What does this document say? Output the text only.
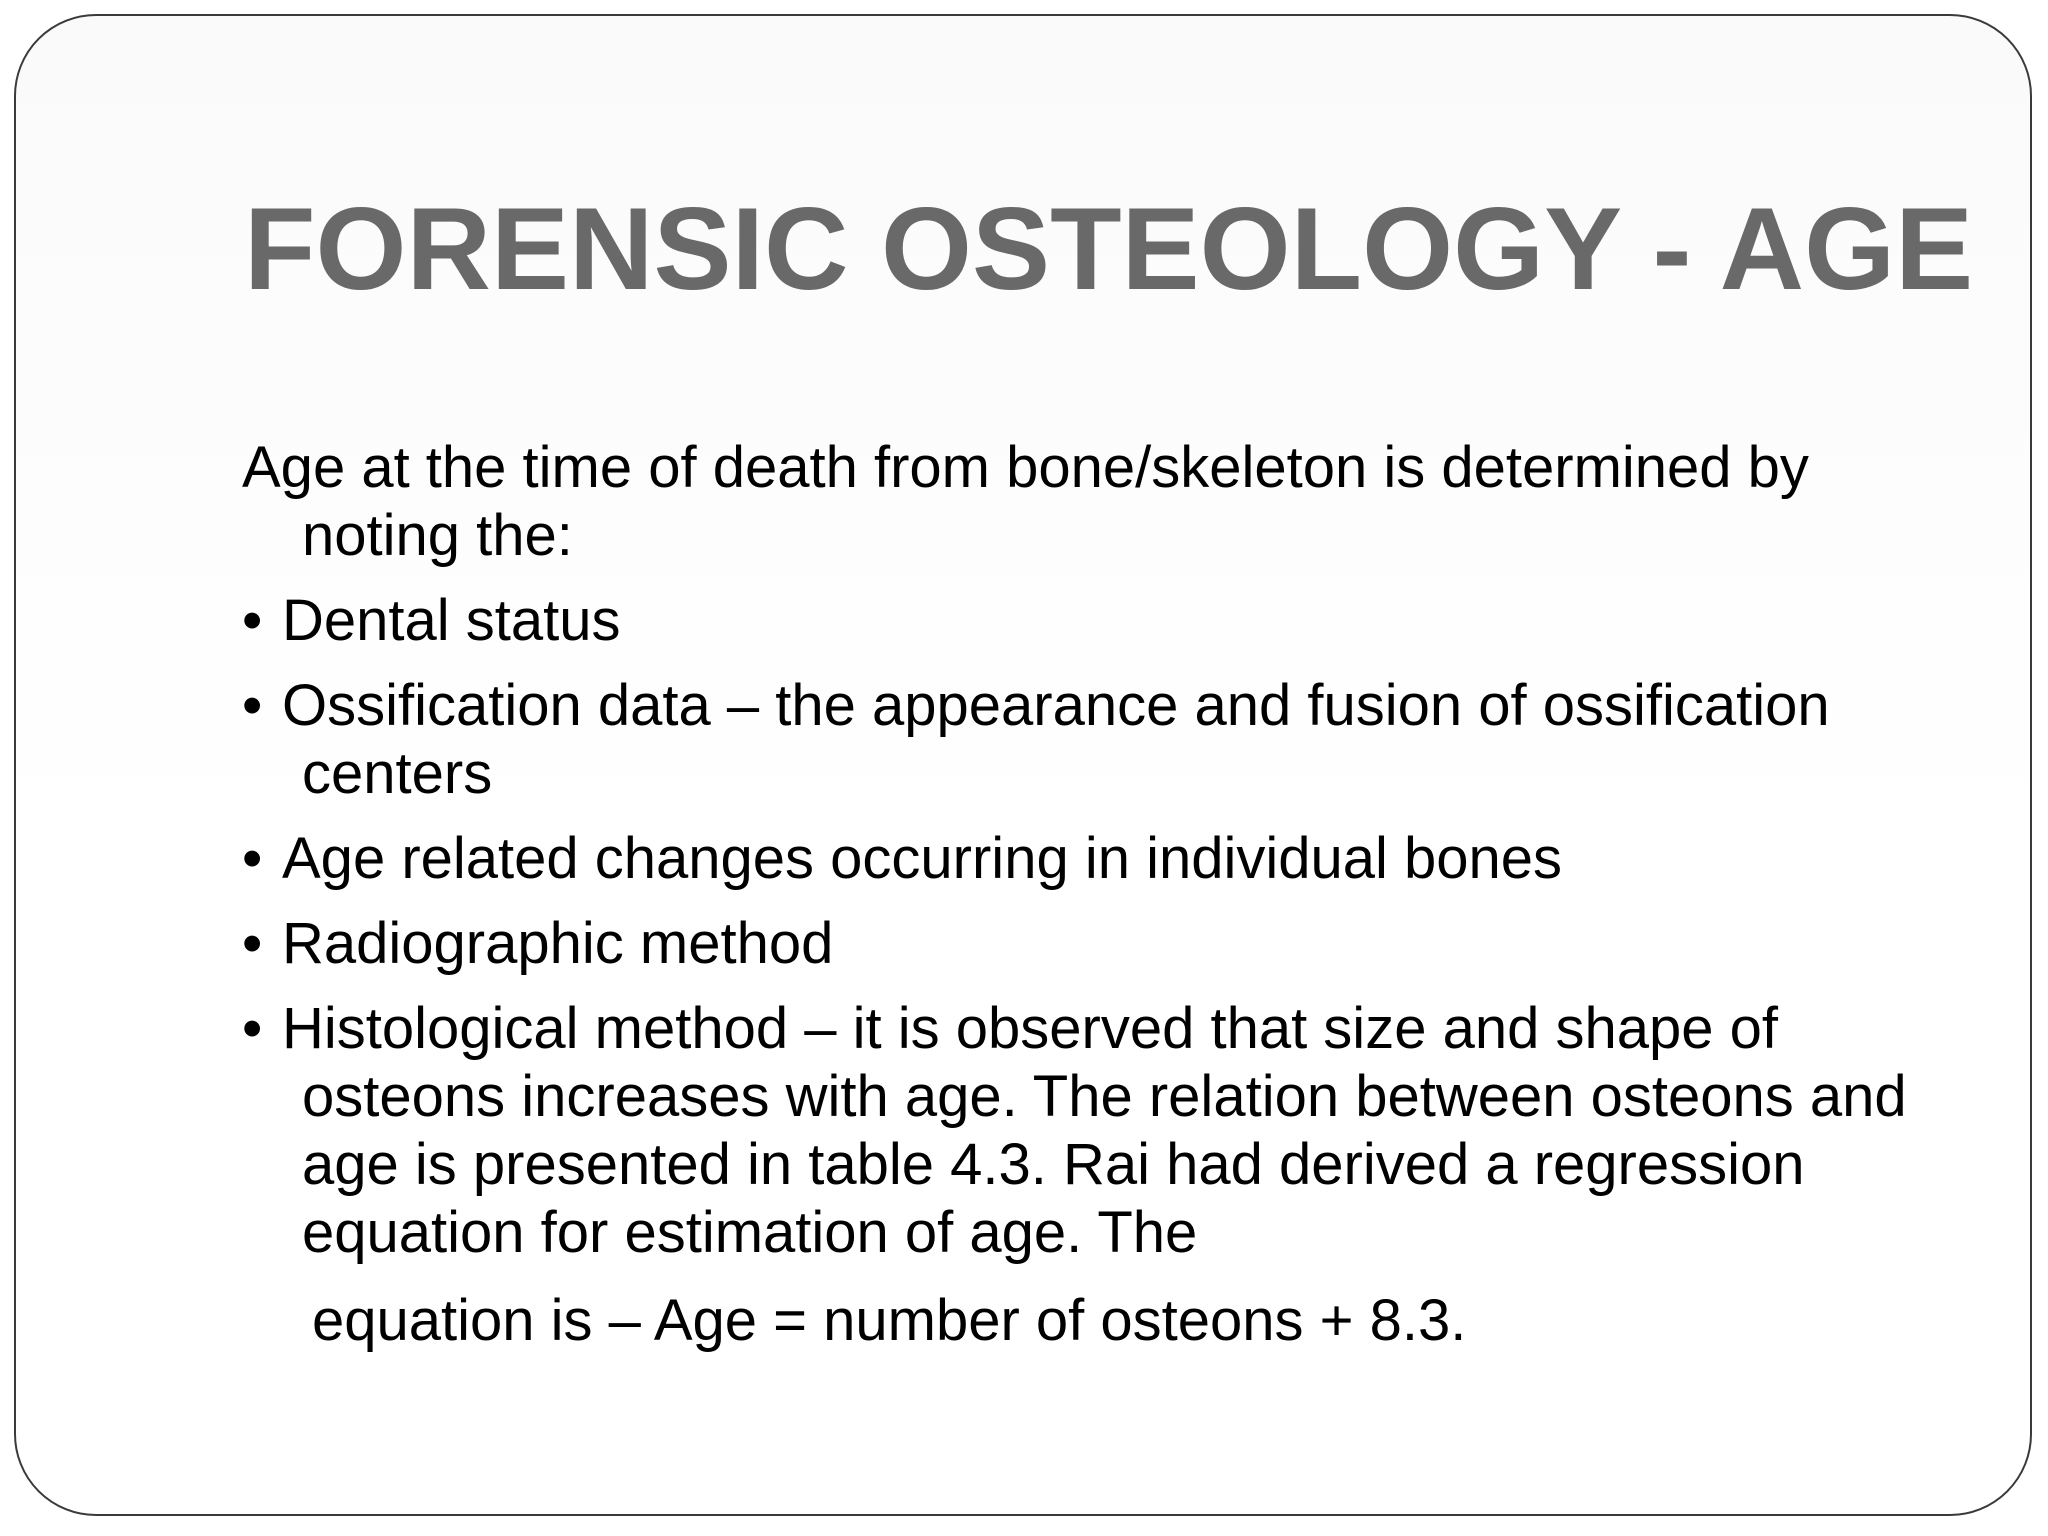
FORENSIC OSTEOLOGY - AGE

Age at the time of death from bone/skeleton is determined by noting the:

• Dental status

• Ossification data – the appearance and fusion of ossification centers

• Age related changes occurring in individual bones

• Radiographic method

• Histological method – it is observed that size and shape of osteons increases with age. The relation between osteons and age is presented in table 4.3. Rai had derived a regression equation for estimation of age. The

equation is – Age = number of osteons + 8.3.
